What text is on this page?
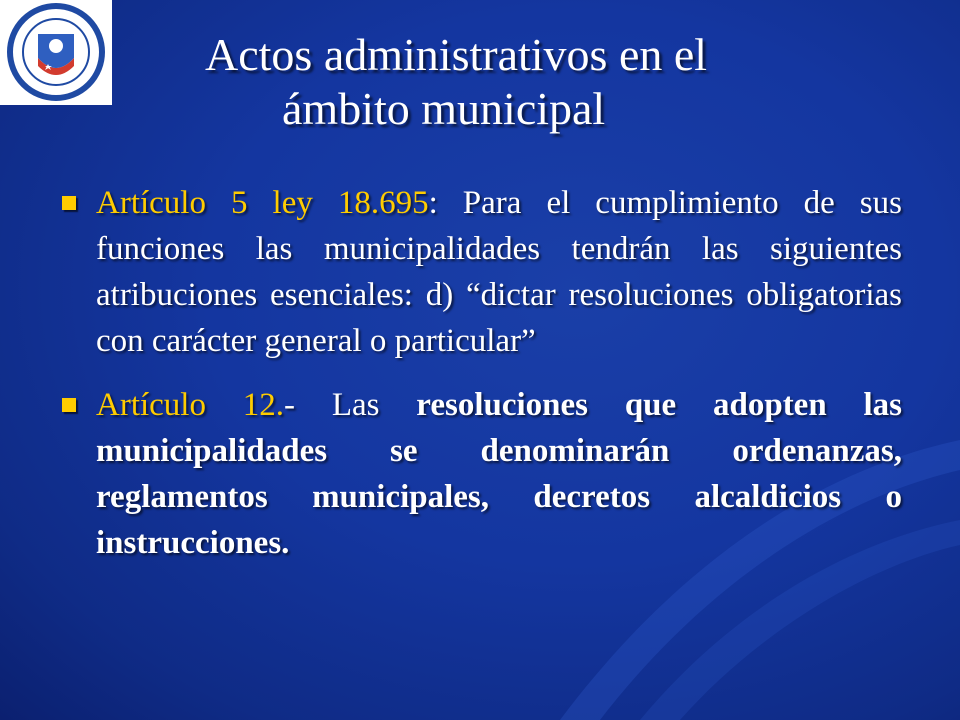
Actos administrativos en el
ámbito municipal
Artículo 5 ley 18.695: Para el cumplimiento de sus funciones las municipalidades tendrán las siguientes atribuciones esenciales: d) “dictar resoluciones obligatorias con carácter general o particular”
Artículo 12.- Las resoluciones que adopten las municipalidades se denominarán ordenanzas, reglamentos municipales, decretos alcaldicios o instrucciones.
